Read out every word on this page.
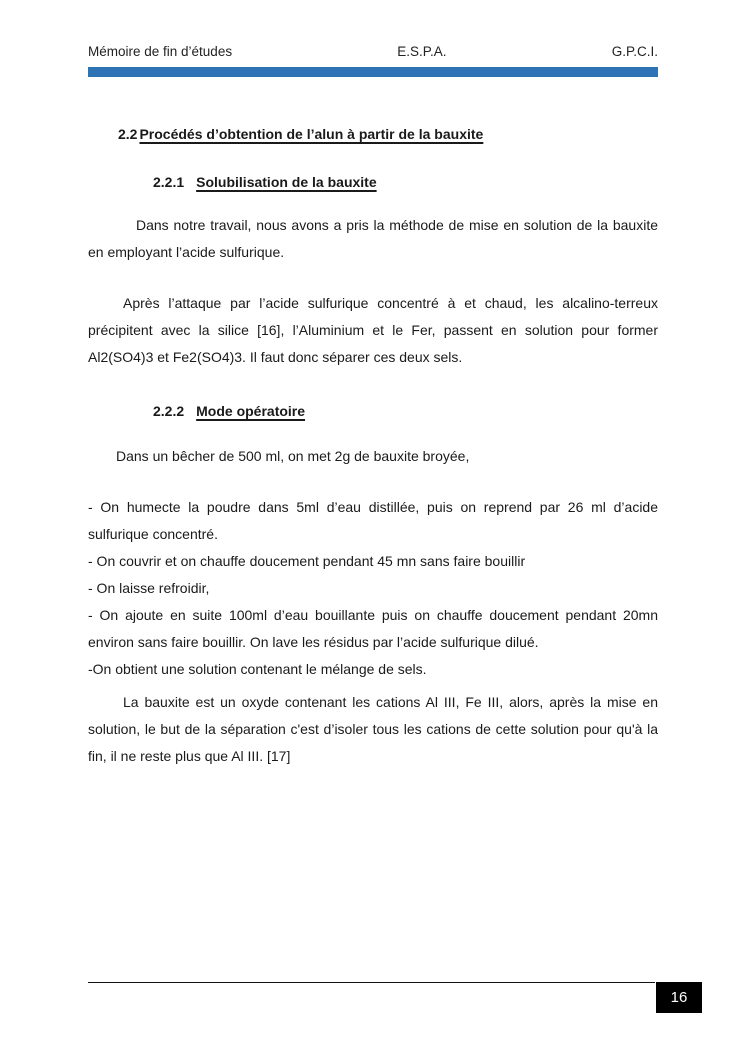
Mémoire de fin d’études	E.S.P.A.	G.P.C.I.
2.2 Procédés d’obtention de l’alun à partir de la bauxite
2.2.1 Solubilisation de la bauxite

Dans notre travail, nous avons a pris la méthode de mise en solution de la bauxite en employant l’acide sulfurique.

Après l’attaque par l’acide sulfurique concentré à et chaud, les alcalino-terreux précipitent avec la silice [16], l’Aluminium et le Fer, passent en solution pour former Al2(SO4)3 et Fe2(SO4)3. Il faut donc séparer ces deux sels.

2.2.2 Mode opératoire

Dans un bêcher de 500 ml, on met 2g de bauxite broyée,

- On humecte la poudre dans 5ml d’eau distillée, puis on reprend par 26 ml d’acide sulfurique concentré.

- On couvrir et on chauffe doucement pendant 45 mn sans faire bouillir

- On laisse refroidir,

- On ajoute en suite 100ml d’eau bouillante puis on chauffe doucement pendant 20mn environ sans faire bouillir. On lave les résidus par l’acide sulfurique dilué.

-On obtient une solution contenant le mélange de sels.

La bauxite est un oxyde contenant les cations Al III, Fe III, alors, après la mise en solution, le but de la séparation c'est d’isoler tous les cations de cette solution pour qu'à la fin, il ne reste plus que Al III. [17]

16
